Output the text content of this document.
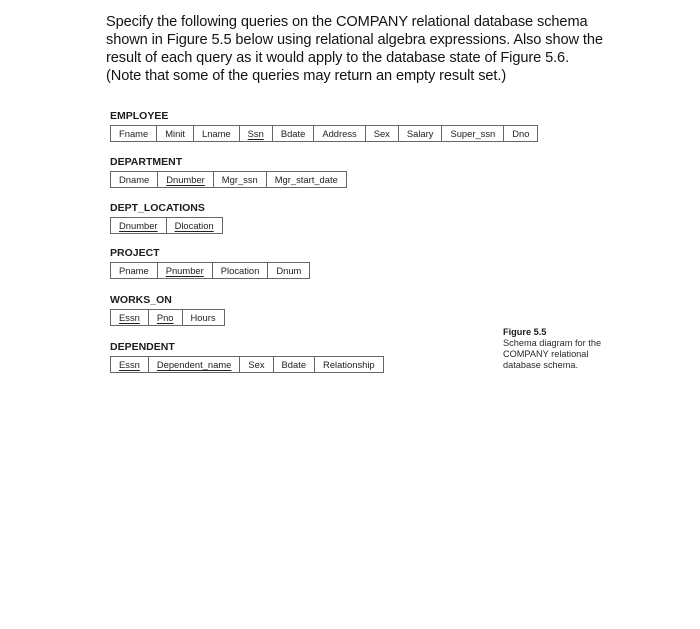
Specify the following queries on the COMPANY relational database schema shown in Figure 5.5 below using relational algebra expressions. Also show the result of each query as it would apply to the database state of Figure 5.6. (Note that some of the queries may return an empty result set.)
EMPLOYEE
Fname	Minit	Lname	Ssn	Bdate	Address	Sex	Salary	Super_ssn	Dno
DEPARTMENT
Dname	Dnumber	Mgr_ssn	Mgr_start_date
DEPT_LOCATIONS
Dnumber	Dlocation
PROJECT
Pname	Pnumber	Plocation	Dnum
WORKS_ON
Essn	Pno	Hours
DEPENDENT
Essn	Dependent_name	Sex	Bdate	Relationship
Figure 5.5
Schema diagram for the COMPANY relational database schema.
